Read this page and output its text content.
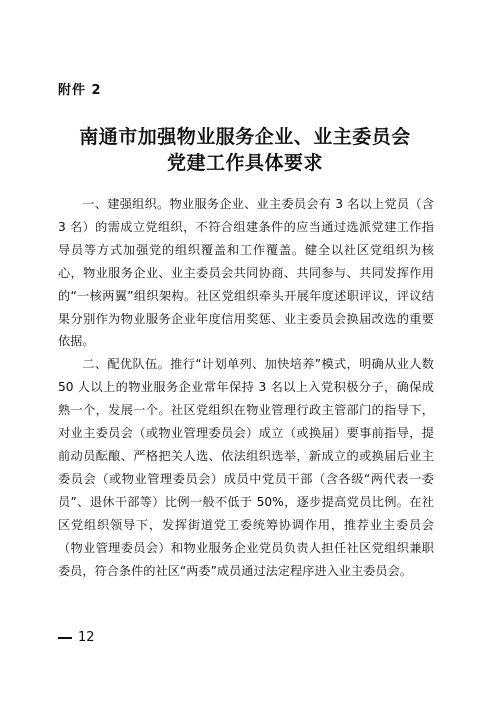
附件 2
南通市加强物业服务企业、业主委员会
党建工作具体要求

一、建强组织。物业服务企业、业主委员会有 3 名以上党员（含 3 名）的需成立党组织，不符合组建条件的应当通过选派党建工作指导员等方式加强党的组织覆盖和工作覆盖。健全以社区党组织为核心，物业服务企业、业主委员会共同协商、共同参与、共同发挥作用的“一核两翼”组织架构。社区党组织牵头开展年度述职评议，评议结果分别作为物业服务企业年度信用奖惩、业主委员会换届改选的重要依据。

二、配优队伍。推行“计划单列、加快培养”模式，明确从业人数 50 人以上的物业服务企业常年保持 3 名以上入党积极分子，确保成熟一个，发展一个。社区党组织在物业管理行政主管部门的指导下，对业主委员会（或物业管理委员会）成立（或换届）要事前指导，提前动员酝酿、严格把关人选、依法组织选举，新成立的或换届后业主委员会（或物业管理委员会）成员中党员干部（含各级“两代表一委员”、退休干部等）比例一般不低于 50%，逐步提高党员比例。在社区党组织领导下，发挥街道党工委统筹协调作用，推荐业主委员会（物业管理委员会）和物业服务企业党员负责人担任社区党组织兼职委员，符合条件的社区“两委”成员通过法定程序进入业主委员会。

12
